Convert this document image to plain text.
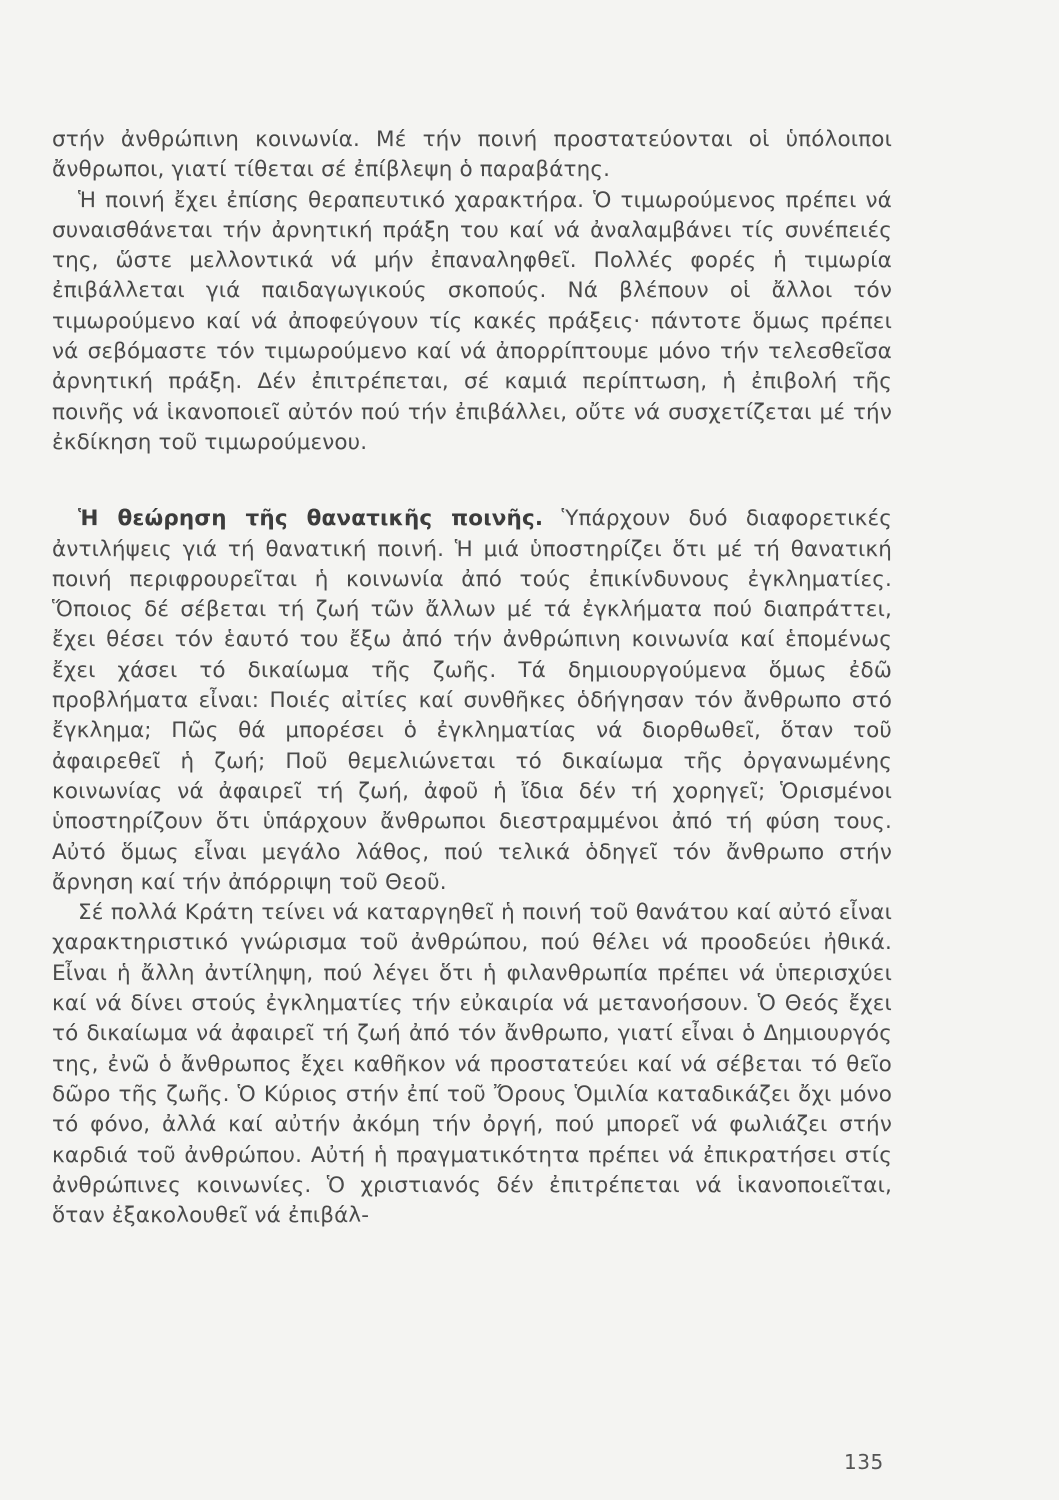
στήν ἀνθρώπινη κοινωνία. Μέ τήν ποινή προστατεύονται οἱ ὑπόλοιποι ἄνθρωποι, γιατί τίθεται σέ ἐπίβλεψη ὁ παραβάτης.

Ἡ ποινή ἔχει ἐπίσης θεραπευτικό χαρακτήρα. Ὁ τιμωρούμενος πρέπει νά συναισθάνεται τήν ἀρνητική πράξη του καί νά ἀναλαμβάνει τίς συνέπειές της, ὥστε μελλοντικά νά μήν ἐπαναληφθεῖ. Πολλές φορές ἡ τιμωρία ἐπιβάλλεται γιά παιδαγωγικούς σκοπούς. Νά βλέπουν οἱ ἄλλοι τόν τιμωρούμενο καί νά ἀποφεύγουν τίς κακές πράξεις· πάντοτε ὅμως πρέπει νά σεβόμαστε τόν τιμωρούμενο καί νά ἀπορρίπτουμε μόνο τήν τελεσθεῖσα ἀρνητική πράξη. Δέν ἐπιτρέπεται, σέ καμιά περίπτωση, ἡ ἐπιβολή τῆς ποινῆς νά ἱκανοποιεῖ αὐτόν πού τήν ἐπιβάλλει, οὔτε νά συσχετίζεται μέ τήν ἐκδίκηση τοῦ τιμωρούμενου.

Ἡ θεώρηση τῆς θανατικῆς ποινῆς. Ὑπάρχουν δυό διαφορετικές ἀντιλήψεις γιά τή θανατική ποινή. Ἡ μιά ὑποστηρίζει ὅτι μέ τή θανατική ποινή περιφρουρεῖται ἡ κοινωνία ἀπό τούς ἐπικίνδυνους ἐγκληματίες. Ὅποιος δέ σέβεται τή ζωή τῶν ἄλλων μέ τά ἐγκλήματα πού διαπράττει, ἔχει θέσει τόν ἑαυτό του ἔξω ἀπό τήν ἀνθρώπινη κοινωνία καί ἑπομένως ἔχει χάσει τό δικαίωμα τῆς ζωῆς. Τά δημιουργούμενα ὅμως ἐδῶ προβλήματα εἶναι: Ποιές αἰτίες καί συνθῆκες ὁδήγησαν τόν ἄνθρωπο στό ἔγκλημα; Πῶς θά μπορέσει ὁ ἐγκληματίας νά διορθωθεῖ, ὅταν τοῦ ἀφαιρεθεῖ ἡ ζωή; Ποῦ θεμελιώνεται τό δικαίωμα τῆς ὀργανωμένης κοινωνίας νά ἀφαιρεῖ τή ζωή, ἀφοῦ ἡ ἴδια δέν τή χορηγεῖ; Ὁρισμένοι ὑποστηρίζουν ὅτι ὑπάρχουν ἄνθρωποι διεστραμμένοι ἀπό τή φύση τους. Αὐτό ὅμως εἶναι μεγάλο λάθος, πού τελικά ὁδηγεῖ τόν ἄνθρωπο στήν ἄρνηση καί τήν ἀπόρριψη τοῦ Θεοῦ.

Σέ πολλά Κράτη τείνει νά καταργηθεῖ ἡ ποινή τοῦ θανάτου καί αὐτό εἶναι χαρακτηριστικό γνώρισμα τοῦ ἀνθρώπου, πού θέλει νά προοδεύει ἠθικά. Εἶναι ἡ ἄλλη ἀντίληψη, πού λέγει ὅτι ἡ φιλανθρωπία πρέπει νά ὑπερισχύει καί νά δίνει στούς ἐγκληματίες τήν εὐκαιρία νά μετανοήσουν. Ὁ Θεός ἔχει τό δικαίωμα νά ἀφαιρεῖ τή ζωή ἀπό τόν ἄνθρωπο, γιατί εἶναι ὁ Δημιουργός της, ἐνῶ ὁ ἄνθρωπος ἔχει καθῆκον νά προστατεύει καί νά σέβεται τό θεῖο δῶρο τῆς ζωῆς. Ὁ Κύριος στήν ἐπί τοῦ Ὄρους Ὁμιλία καταδικάζει ὄχι μόνο τό φόνο, ἀλλά καί αὐτήν ἀκόμη τήν ὀργή, πού μπορεῖ νά φωλιάζει στήν καρδιά τοῦ ἀνθρώπου. Αὐτή ἡ πραγματικότητα πρέπει νά ἐπικρατήσει στίς ἀνθρώπινες κοινωνίες. Ὁ χριστιανός δέν ἐπιτρέπεται νά ἱκανοποιεῖται, ὅταν ἐξακολουθεῖ νά ἐπιβάλ-

135
